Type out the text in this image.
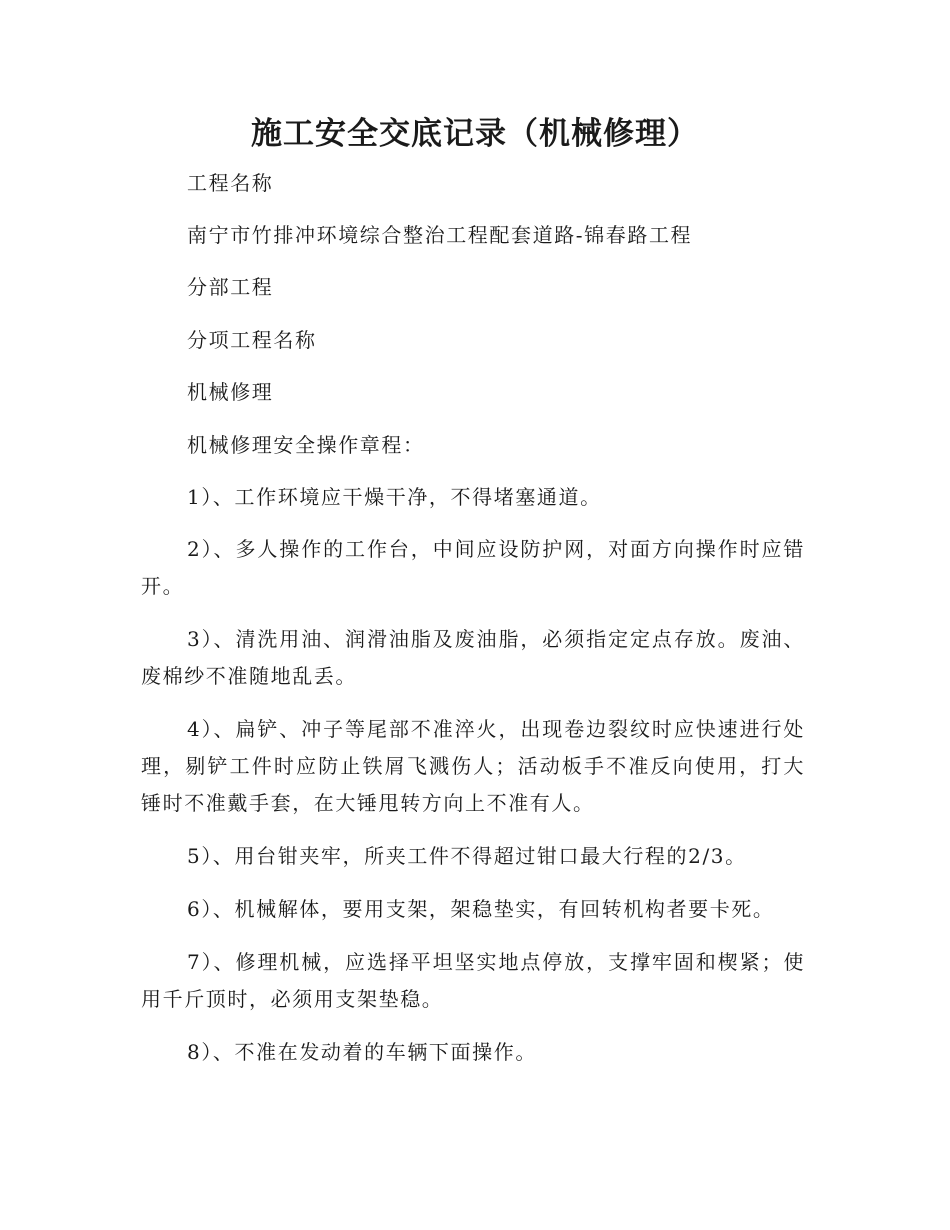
施工安全交底记录（机械修理）

工程名称

南宁市竹排冲环境综合整治工程配套道路-锦春路工程

分部工程

分项工程名称

机械修理

机械修理安全操作章程：

1）、工作环境应干燥干净，不得堵塞通道。

2）、多人操作的工作台，中间应设防护网，对面方向操作时应错开。

3）、清洗用油、润滑油脂及废油脂，必须指定定点存放。废油、废棉纱不准随地乱丢。

4）、扁铲、冲子等尾部不准淬火，出现卷边裂纹时应快速进行处理，剔铲工件时应防止铁屑飞溅伤人；活动板手不准反向使用，打大锤时不准戴手套，在大锤甩转方向上不准有人。

5）、用台钳夹牢，所夹工件不得超过钳口最大行程的2/3。

6）、机械解体，要用支架，架稳垫实，有回转机构者要卡死。

7）、修理机械，应选择平坦坚实地点停放，支撑牢固和楔紧；使用千斤顶时，必须用支架垫稳。

8）、不准在发动着的车辆下面操作。
